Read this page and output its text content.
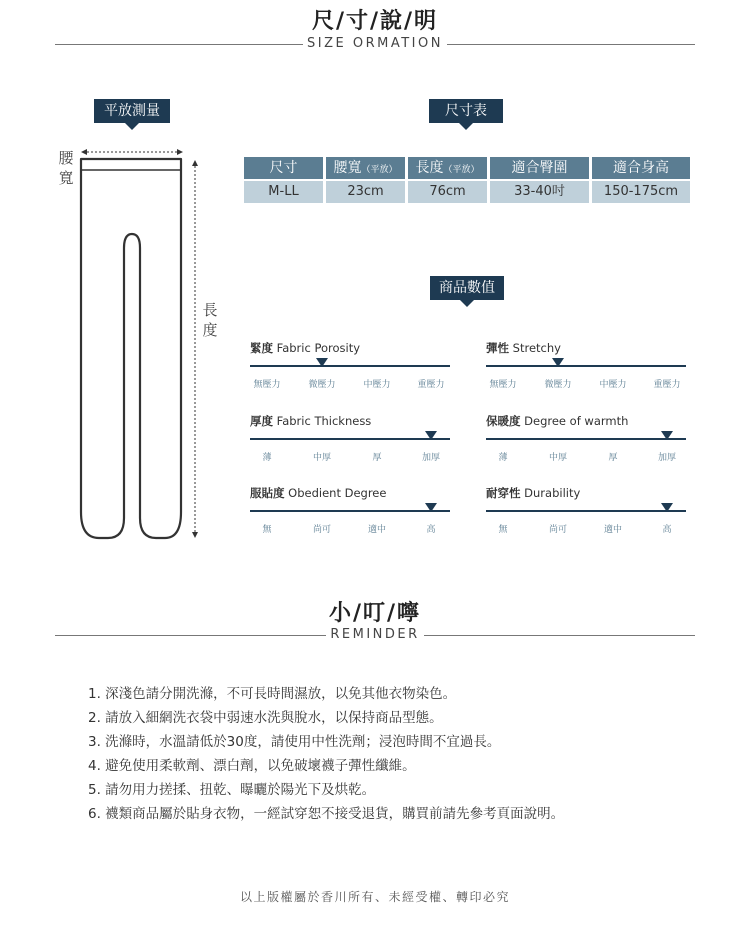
尺/寸/說/明
SIZE ORMATION
平放測量
腰寬
長度
尺寸表
尺寸	腰寬（平放）	長度（平放）	適合臀圍	適合身高
M-LL	23cm	76cm	33-40吋	150-175cm
商品數值
緊度 Fabric Porosity
無壓力	微壓力	中壓力	重壓力
彈性 Stretchy
無壓力	微壓力	中壓力	重壓力
厚度 Fabric Thickness
薄	中厚	厚	加厚
保暖度 Degree of warmth
薄	中厚	厚	加厚
服貼度 Obedient Degree
無	尚可	適中	高
耐穿性 Durability
無	尚可	適中	高
小/叮/嚀
REMINDER
1. 深淺色請分開洗滌，不可長時間濕放，以免其他衣物染色。
2. 請放入細網洗衣袋中弱速水洗與脫水，以保持商品型態。
3. 洗滌時，水溫請低於30度，請使用中性洗劑；浸泡時間不宜過長。
4. 避免使用柔軟劑、漂白劑，以免破壞襪子彈性纖維。
5. 請勿用力搓揉、扭乾、曝曬於陽光下及烘乾。
6. 襪類商品屬於貼身衣物，一經試穿恕不接受退貨，購買前請先參考頁面說明。
以上版權屬於香川所有、未經受權、轉印必究
